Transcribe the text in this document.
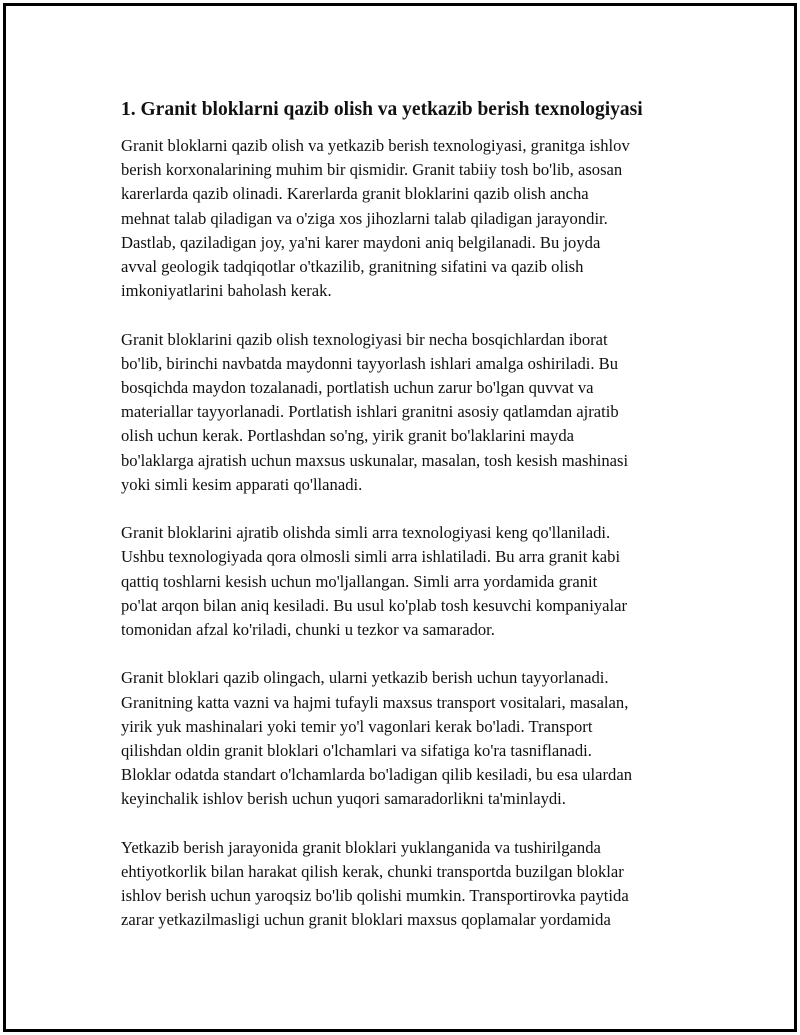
1. Granit bloklarni qazib olish va yetkazib berish texnologiyasi

Granit bloklarni qazib olish va yetkazib berish texnologiyasi, granitga ishlov
berish korxonalarining muhim bir qismidir. Granit tabiiy tosh bo'lib, asosan
karerlarda qazib olinadi. Karerlarda granit bloklarini qazib olish ancha
mehnat talab qiladigan va o'ziga xos jihozlarni talab qiladigan jarayondir.
Dastlab, qaziladigan joy, ya'ni karer maydoni aniq belgilanadi. Bu joyda
avval geologik tadqiqotlar o'tkazilib, granitning sifatini va qazib olish
imkoniyatlarini baholash kerak.

Granit bloklarini qazib olish texnologiyasi bir necha bosqichlardan iborat
bo'lib, birinchi navbatda maydonni tayyorlash ishlari amalga oshiriladi. Bu
bosqichda maydon tozalanadi, portlatish uchun zarur bo'lgan quvvat va
materiallar tayyorlanadi. Portlatish ishlari granitni asosiy qatlamdan ajratib
olish uchun kerak. Portlashdan so'ng, yirik granit bo'laklarini mayda
bo'laklarga ajratish uchun maxsus uskunalar, masalan, tosh kesish mashinasi
yoki simli kesim apparati qo'llanadi.

Granit bloklarini ajratib olishda simli arra texnologiyasi keng qo'llaniladi.
Ushbu texnologiyada qora olmosli simli arra ishlatiladi. Bu arra granit kabi
qattiq toshlarni kesish uchun mo'ljallangan. Simli arra yordamida granit
po'lat arqon bilan aniq kesiladi. Bu usul ko'plab tosh kesuvchi kompaniyalar
tomonidan afzal ko'riladi, chunki u tezkor va samarador.

Granit bloklari qazib olingach, ularni yetkazib berish uchun tayyorlanadi.
Granitning katta vazni va hajmi tufayli maxsus transport vositalari, masalan,
yirik yuk mashinalari yoki temir yo'l vagonlari kerak bo'ladi. Transport
qilishdan oldin granit bloklari o'lchamlari va sifatiga ko'ra tasniflanadi.
Bloklar odatda standart o'lchamlarda bo'ladigan qilib kesiladi, bu esa ulardan
keyinchalik ishlov berish uchun yuqori samaradorlikni ta'minlaydi.

Yetkazib berish jarayonida granit bloklari yuklanganida va tushirilganda
ehtiyotkorlik bilan harakat qilish kerak, chunki transportda buzilgan bloklar
ishlov berish uchun yaroqsiz bo'lib qolishi mumkin. Transportirovka paytida
zarar yetkazilmasligi uchun granit bloklari maxsus qoplamalar yordamida
